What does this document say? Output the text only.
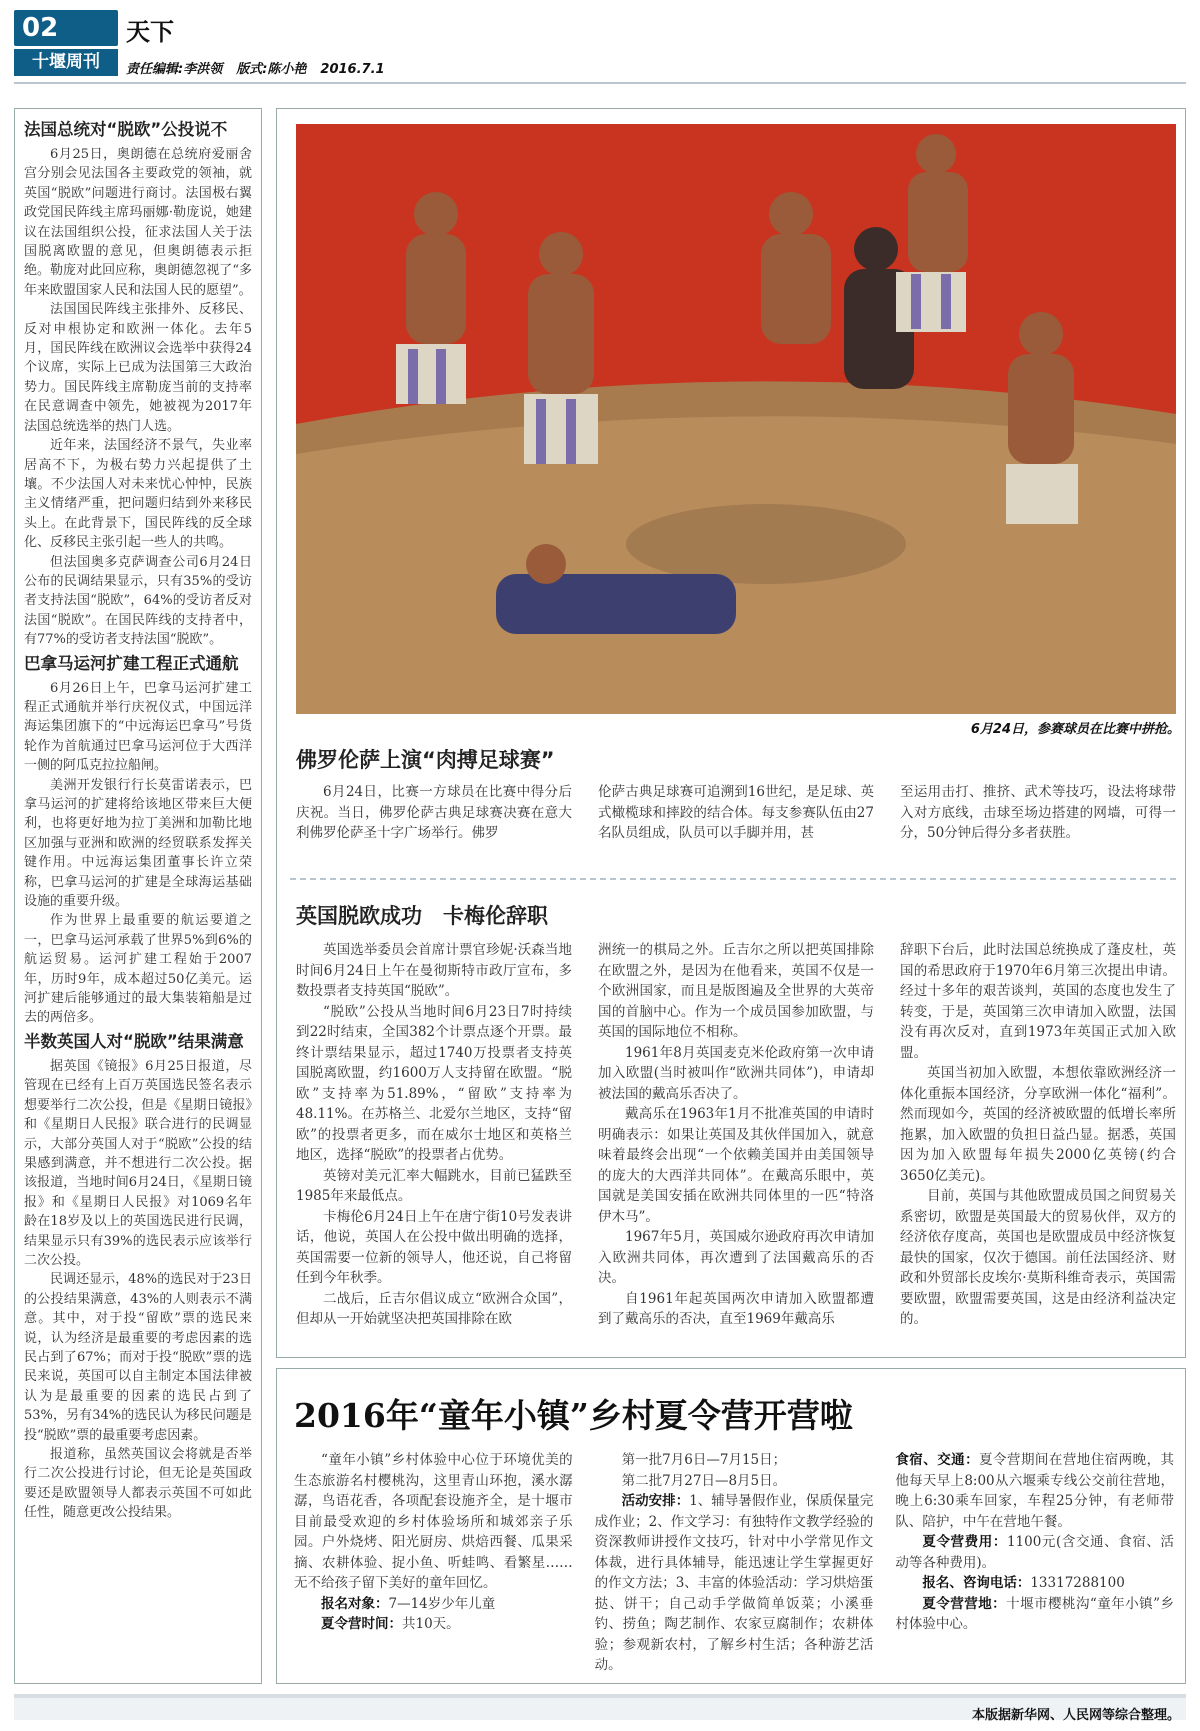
02
十堰周刊
天下
责任编辑:李洪领 版式:陈小艳 2016.7.1
法国总统对“脱欧”公投说不

6月25日，奥朗德在总统府爱丽舍宫分别会见法国各主要政党的领袖，就英国“脱欧”问题进行商讨。法国极右翼政党国民阵线主席玛丽娜·勒庞说，她建议在法国组织公投，征求法国人关于法国脱离欧盟的意见，但奥朗德表示拒绝。勒庞对此回应称，奥朗德忽视了“多年来欧盟国家人民和法国人民的愿望”。

法国国民阵线主张排外、反移民、反对申根协定和欧洲一体化。去年5月，国民阵线在欧洲议会选举中获得24个议席，实际上已成为法国第三大政治势力。国民阵线主席勒庞当前的支持率在民意调查中领先，她被视为2017年法国总统选举的热门人选。

近年来，法国经济不景气，失业率居高不下，为极右势力兴起提供了土壤。不少法国人对未来忧心忡忡，民族主义情绪严重，把问题归结到外来移民头上。在此背景下，国民阵线的反全球化、反移民主张引起一些人的共鸣。

但法国奥多克萨调查公司6月24日公布的民调结果显示，只有35%的受访者支持法国“脱欧”，64%的受访者反对法国“脱欧”。在国民阵线的支持者中，有77%的受访者支持法国“脱欧”。

巴拿马运河扩建工程正式通航

6月26日上午，巴拿马运河扩建工程正式通航并举行庆祝仪式，中国远洋海运集团旗下的“中远海运巴拿马”号货轮作为首航通过巴拿马运河位于大西洋一侧的阿瓜克拉拉船闸。

美洲开发银行行长莫雷诺表示，巴拿马运河的扩建将给该地区带来巨大便利，也将更好地为拉丁美洲和加勒比地区加强与亚洲和欧洲的经贸联系发挥关键作用。中远海运集团董事长许立荣称，巴拿马运河的扩建是全球海运基础设施的重要升级。

作为世界上最重要的航运要道之一，巴拿马运河承载了世界5%到6%的航运贸易。运河扩建工程始于2007年，历时9年，成本超过50亿美元。运河扩建后能够通过的最大集装箱船是过去的两倍多。

半数英国人对“脱欧”结果满意

据英国《镜报》6月25日报道，尽管现在已经有上百万英国选民签名表示想要举行二次公投，但是《星期日镜报》和《星期日人民报》联合进行的民调显示，大部分英国人对于“脱欧”公投的结果感到满意，并不想进行二次公投。据该报道，当地时间6月24日，《星期日镜报》和《星期日人民报》对1069名年龄在18岁及以上的英国选民进行民调，结果显示只有39%的选民表示应该举行二次公投。

民调还显示，48%的选民对于23日的公投结果满意，43%的人则表示不满意。其中，对于投“留欧”票的选民来说，认为经济是最重要的考虑因素的选民占到了67%；而对于投“脱欧”票的选民来说，英国可以自主制定本国法律被认为是最重要的因素的选民占到了53%，另有34%的选民认为移民问题是投“脱欧”票的最重要考虑因素。

报道称，虽然英国议会将就是否举行二次公投进行讨论，但无论是英国政要还是欧盟领导人都表示英国不可如此任性，随意更改公投结果。

6月24日，参赛球员在比赛中拼抢。
佛罗伦萨上演“肉搏足球赛”

6月24日，比赛一方球员在比赛中得分后庆祝。当日，佛罗伦萨古典足球赛决赛在意大利佛罗伦萨圣十字广场举行。佛罗

伦萨古典足球赛可追溯到16世纪，是足球、英式橄榄球和摔跤的结合体。每支参赛队伍由27名队员组成，队员可以手脚并用，甚

至运用击打、推挤、武术等技巧，设法将球带入对方底线，击球至场边搭建的网墙，可得一分，50分钟后得分多者获胜。

英国脱欧成功　卡梅伦辞职

英国选举委员会首席计票官珍妮·沃森当地时间6月24日上午在曼彻斯特市政厅宣布，多数投票者支持英国“脱欧”。

“脱欧”公投从当地时间6月23日7时持续到22时结束，全国382个计票点逐个开票。最终计票结果显示，超过1740万投票者支持英国脱离欧盟，约1600万人支持留在欧盟。“脱欧”支持率为51.89%，“留欧”支持率为48.11%。在苏格兰、北爱尔兰地区，支持“留欧”的投票者更多，而在威尔士地区和英格兰地区，选择“脱欧”的投票者占优势。

英镑对美元汇率大幅跳水，目前已猛跌至1985年来最低点。

卡梅伦6月24日上午在唐宁街10号发表讲话，他说，英国人在公投中做出明确的选择，英国需要一位新的领导人，他还说，自己将留任到今年秋季。

二战后，丘吉尔倡议成立“欧洲合众国”，但却从一开始就坚决把英国排除在欧

洲统一的棋局之外。丘吉尔之所以把英国排除在欧盟之外，是因为在他看来，英国不仅是一个欧洲国家，而且是版图遍及全世界的大英帝国的首脑中心。作为一个成员国参加欧盟，与英国的国际地位不相称。

1961年8月英国麦克米伦政府第一次申请加入欧盟(当时被叫作“欧洲共同体”)，申请却被法国的戴高乐否决了。

戴高乐在1963年1月不批准英国的申请时明确表示：如果让英国及其伙伴国加入，就意味着最终会出现“一个依赖美国并由美国领导的庞大的大西洋共同体”。在戴高乐眼中，英国就是美国安插在欧洲共同体里的一匹“特洛伊木马”。

1967年5月，英国威尔逊政府再次申请加入欧洲共同体，再次遭到了法国戴高乐的否决。

自1961年起英国两次申请加入欧盟都遭到了戴高乐的否决，直至1969年戴高乐

辞职下台后，此时法国总统换成了蓬皮杜，英国的希思政府于1970年6月第三次提出申请。经过十多年的艰苦谈判，英国的态度也发生了转变，于是，英国第三次申请加入欧盟，法国没有再次反对，直到1973年英国正式加入欧盟。

英国当初加入欧盟，本想依靠欧洲经济一体化重振本国经济，分享欧洲一体化“福利”。然而现如今，英国的经济被欧盟的低增长率所拖累，加入欧盟的负担日益凸显。据悉，英国因为加入欧盟每年损失2000亿英镑(约合3650亿美元)。

目前，英国与其他欧盟成员国之间贸易关系密切，欧盟是英国最大的贸易伙伴，双方的经济依存度高，英国也是欧盟成员中经济恢复最快的国家，仅次于德国。前任法国经济、财政和外贸部长皮埃尔·莫斯科维奇表示，英国需要欧盟，欧盟需要英国，这是由经济利益决定的。

2016年“童年小镇”乡村夏令营开营啦

“童年小镇”乡村体验中心位于环境优美的生态旅游名村樱桃沟，这里青山环抱，溪水潺潺，鸟语花香，各项配套设施齐全，是十堰市目前最受欢迎的乡村体验场所和城郊亲子乐园。户外烧烤、阳光厨房、烘焙西餐、瓜果采摘、农耕体验、捉小鱼、听蛙鸣、看繁星……无不给孩子留下美好的童年回忆。

报名对象：7—14岁少年儿童

夏令营时间：共10天。

第一批7月6日—7月15日；

第二批7月27日—8月5日。

活动安排：1、辅导暑假作业，保质保量完成作业；2、作文学习：有独特作文教学经验的资深教师讲授作文技巧，针对中小学常见作文体裁，进行具体辅导，能迅速让学生掌握更好的作文方法；3、丰富的体验活动：学习烘焙蛋挞、饼干；自己动手学做简单饭菜；小溪垂钓、捞鱼；陶艺制作、农家豆腐制作；农耕体验；参观新农村，了解乡村生活；各种游艺活动。

食宿、交通：夏令营期间在营地住宿两晚，其他每天早上8:00从六堰乘专线公交前往营地，晚上6:30乘车回家，车程25分钟，有老师带队、陪护，中午在营地午餐。

夏令营费用：1100元(含交通、食宿、活动等各种费用)。

报名、咨询电话：13317288100

夏令营营地：十堰市樱桃沟“童年小镇”乡村体验中心。

本版据新华网、人民网等综合整理。
